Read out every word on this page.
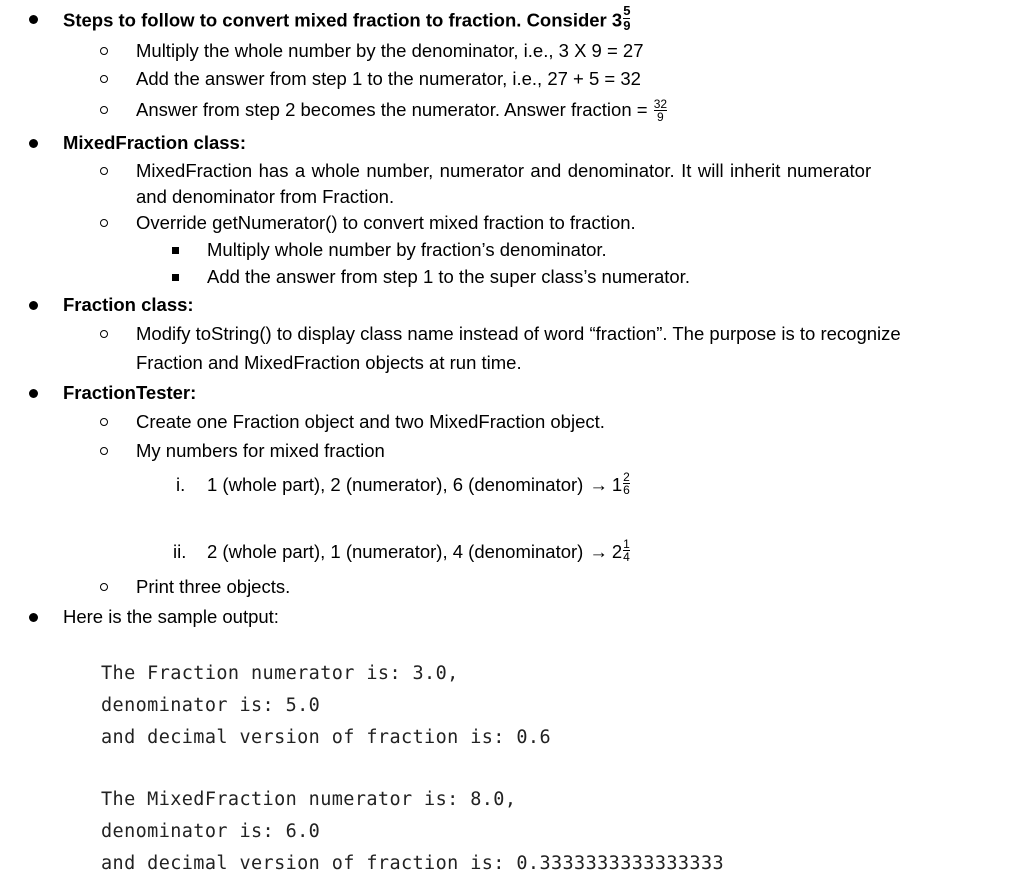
Steps to follow to convert mixed fraction to fraction. Consider $3 \frac{5}{9}$
Multiply the whole number by the denominator, i.e., 3 X 9 = 27
Add the answer from step 1 to the numerator, i.e., 27 + 5 = 32
Answer from step 2 becomes the numerator. Answer fraction = $\frac{32}{9}$
MixedFraction class:
MixedFraction has a whole number, numerator and denominator. It will inherit numerator
and denominator from Fraction.
Override getNumerator() to convert mixed fraction to fraction.
Multiply whole number by fraction’s denominator.
Add the answer from step 1 to the super class’s numerator.
Fraction class:
Modify toString() to display class name instead of word “fraction”. The purpose is to recognize
Fraction and MixedFraction objects at run time.
FractionTester:
Create one Fraction object and two MixedFraction object.
My numbers for mixed fraction
i. 1 (whole part), 2 (numerator), 6 (denominator) → $1 \frac{2}{6}$
ii. 2 (whole part), 1 (numerator), 4 (denominator) → $2 \frac{1}{4}$
Print three objects.
Here is the sample output:
The Fraction numerator is: 3.0,
denominator is: 5.0
and decimal version of fraction is: 0.6
The MixedFraction numerator is: 8.0,
denominator is: 6.0
and decimal version of fraction is: 0.3333333333333333
